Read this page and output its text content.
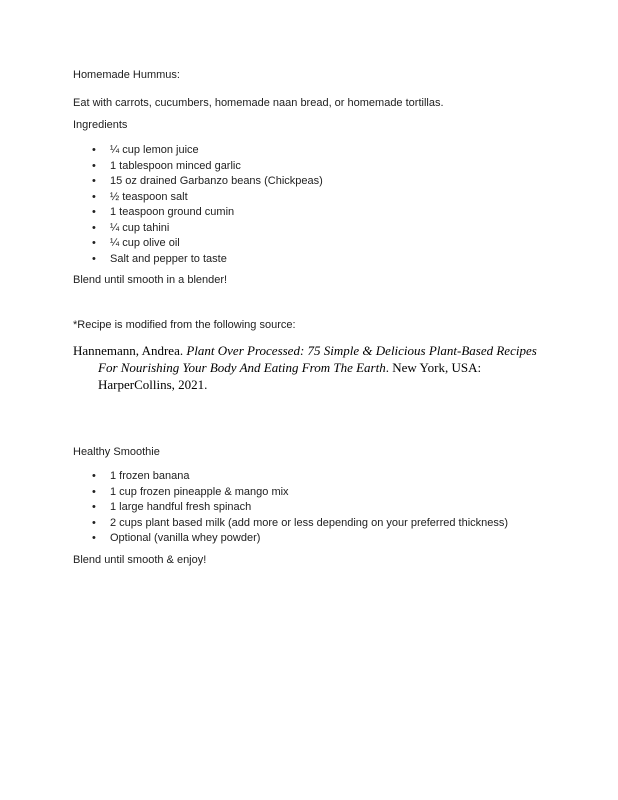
Homemade Hummus:

Eat with carrots, cucumbers, homemade naan bread, or homemade tortillas.

Ingredients

• ¼ cup lemon juice
• 1 tablespoon minced garlic
• 15 oz drained Garbanzo beans (Chickpeas)
• ½ teaspoon salt
• 1 teaspoon ground cumin
• ¼ cup tahini
• ¼ cup olive oil
• Salt and pepper to taste

Blend until smooth in a blender!

*Recipe is modified from the following source:

Hannemann, Andrea. Plant Over Processed: 75 Simple & Delicious Plant-Based Recipes For Nourishing Your Body And Eating From The Earth. New York, USA: HarperCollins, 2021.

Healthy Smoothie

• 1 frozen banana
• 1 cup frozen pineapple & mango mix
• 1 large handful fresh spinach
• 2 cups plant based milk (add more or less depending on your preferred thickness)
• Optional (vanilla whey powder)

Blend until smooth & enjoy!
